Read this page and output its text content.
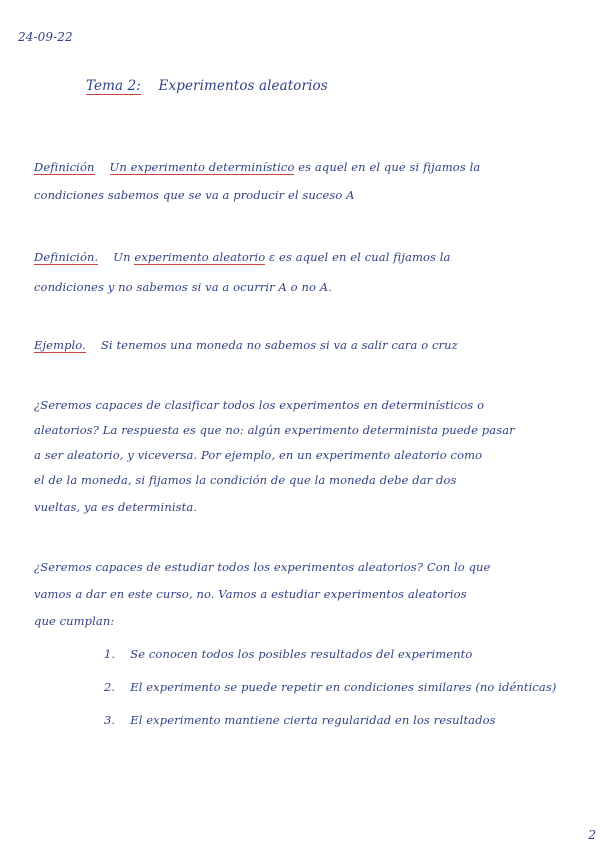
24-09-22
Tema 2: Experimentos aleatorios
Definición Un experimento determinístico es aquel en el que si fijamos la
condiciones sabemos que se va a producir el suceso A
Definición. Un experimento aleatorio ε es aquel en el cual fijamos la
condiciones y no sabemos si va a ocurrir A o no A.
Ejemplo. Si tenemos una moneda no sabemos si va a salir cara o cruz
¿Seremos capaces de clasificar todos los experimentos en determinísticos o
aleatorios? La respuesta es que no: algún experimento determinista puede pasar
a ser aleatorio, y viceversa. Por ejemplo, en un experimento aleatorio como
el de la moneda, si fijamos la condición de que la moneda debe dar dos
vueltas, ya es determinista.
¿Seremos capaces de estudiar todos los experimentos aleatorios? Con lo que
vamos a dar en este curso, no. Vamos a estudiar experimentos aleatorios
que cumplan:
1. Se conocen todos los posibles resultados del experimento
2. El experimento se puede repetir en condiciones similares (no idénticas)
3. El experimento mantiene cierta regularidad en los resultados
2
